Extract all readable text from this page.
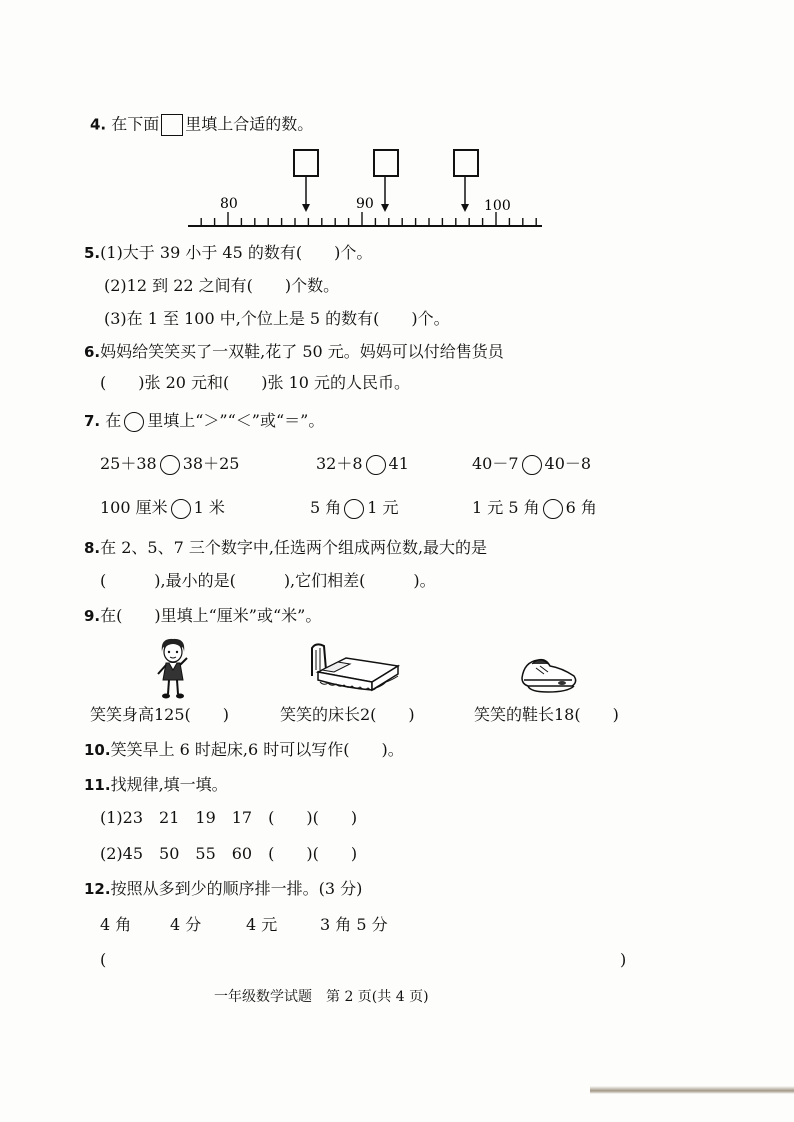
4. 在下面 里填上合适的数。
80	90	100
5.(1)大于 39 小于 45 的数有(　　)个。
(2)12 到 22 之间有(　　)个数。
(3)在 1 至 100 中,个位上是 5 的数有(　　)个。
6.妈妈给笑笑买了一双鞋,花了 50 元。妈妈可以付给售货员
(　　)张 20 元和(　　)张 10 元的人民币。
7. 在 里填上“＞”“＜”或“＝”。
25＋38 38＋25	32＋8 41	40－7 40－8
100 厘米 1 米	5 角 1 元	1 元 5 角 6 角
8.在 2、5、7 三个数字中,任选两个组成两位数,最大的是
(　　　),最小的是(　　　),它们相差(　　　)。
9.在(　　)里填上“厘米”或“米”。
笑笑身高125(　　)	笑笑的床长2(　　)	笑笑的鞋长18(　　)
10.笑笑早上 6 时起床,6 时可以写作(　　)。
11.找规律,填一填。
(1)23　21　19　17　(　　)(　　)
(2)45　50　55　60　(　　)(　　)
12.按照从多到少的顺序排一排。(3 分)
4 角 4 分	4 元	3 角 5 分
(	)
一年级数学试题　第 2 页(共 4 页)
